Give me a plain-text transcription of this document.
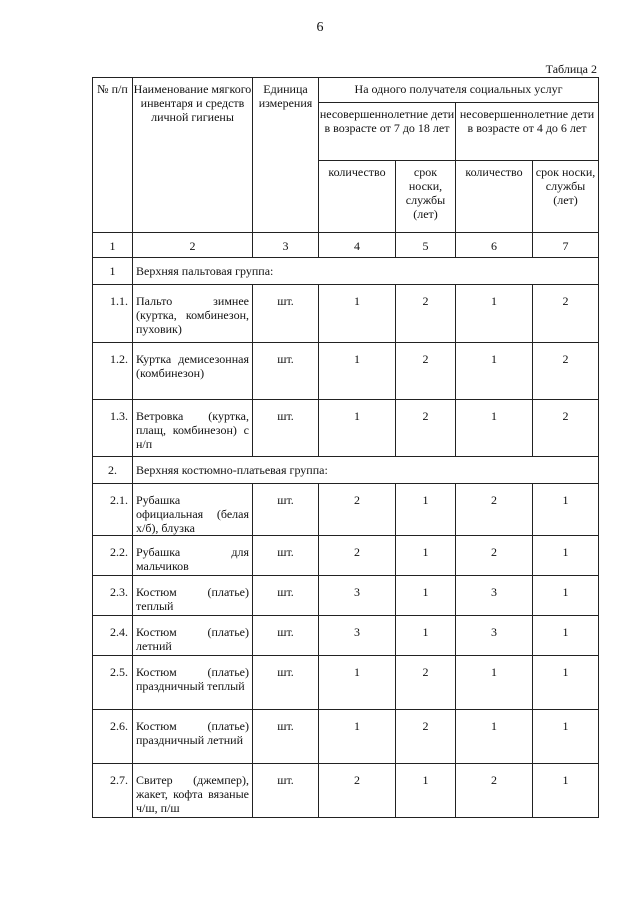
6
Таблица 2
№ п/п	Наименование мягкого инвентаря и средств личной гигиены	Единица измерения	На одного получателя социальных услуг			
			несовершеннолетние дети в возрасте от 7 до 18 лет		несовершеннолетние дети в возрасте от 4 до 6 лет	
			количество	срок носки, службы (лет)	количество	срок носки, службы (лет)
1	2	3	4	5	6	7
1	Верхняя пальтовая группа:					
1.1.	Пальто зимнее (куртка, комбинезон, пуховик)	шт.	1	2	1	2
1.2.	Куртка демисезонная (комбинезон)	шт.	1	2	1	2
1.3.	Ветровка (куртка, плащ, комбинезон) с н/п	шт.	1	2	1	2
2.	Верхняя костюмно-платьевая группа:					
2.1.	Рубашка официальная (белая х/б), блузка	шт.	2	1	2	1
2.2.	Рубашка для мальчиков	шт.	2	1	2	1
2.3.	Костюм (платье) теплый	шт.	3	1	3	1
2.4.	Костюм (платье) летний	шт.	3	1	3	1
2.5.	Костюм (платье) праздничный теплый	шт.	1	2	1	1
2.6.	Костюм (платье) праздничный летний	шт.	1	2	1	1
2.7.	Свитер (джемпер), жакет, кофта вязаные ч/ш, п/ш	шт.	2	1	2	1
